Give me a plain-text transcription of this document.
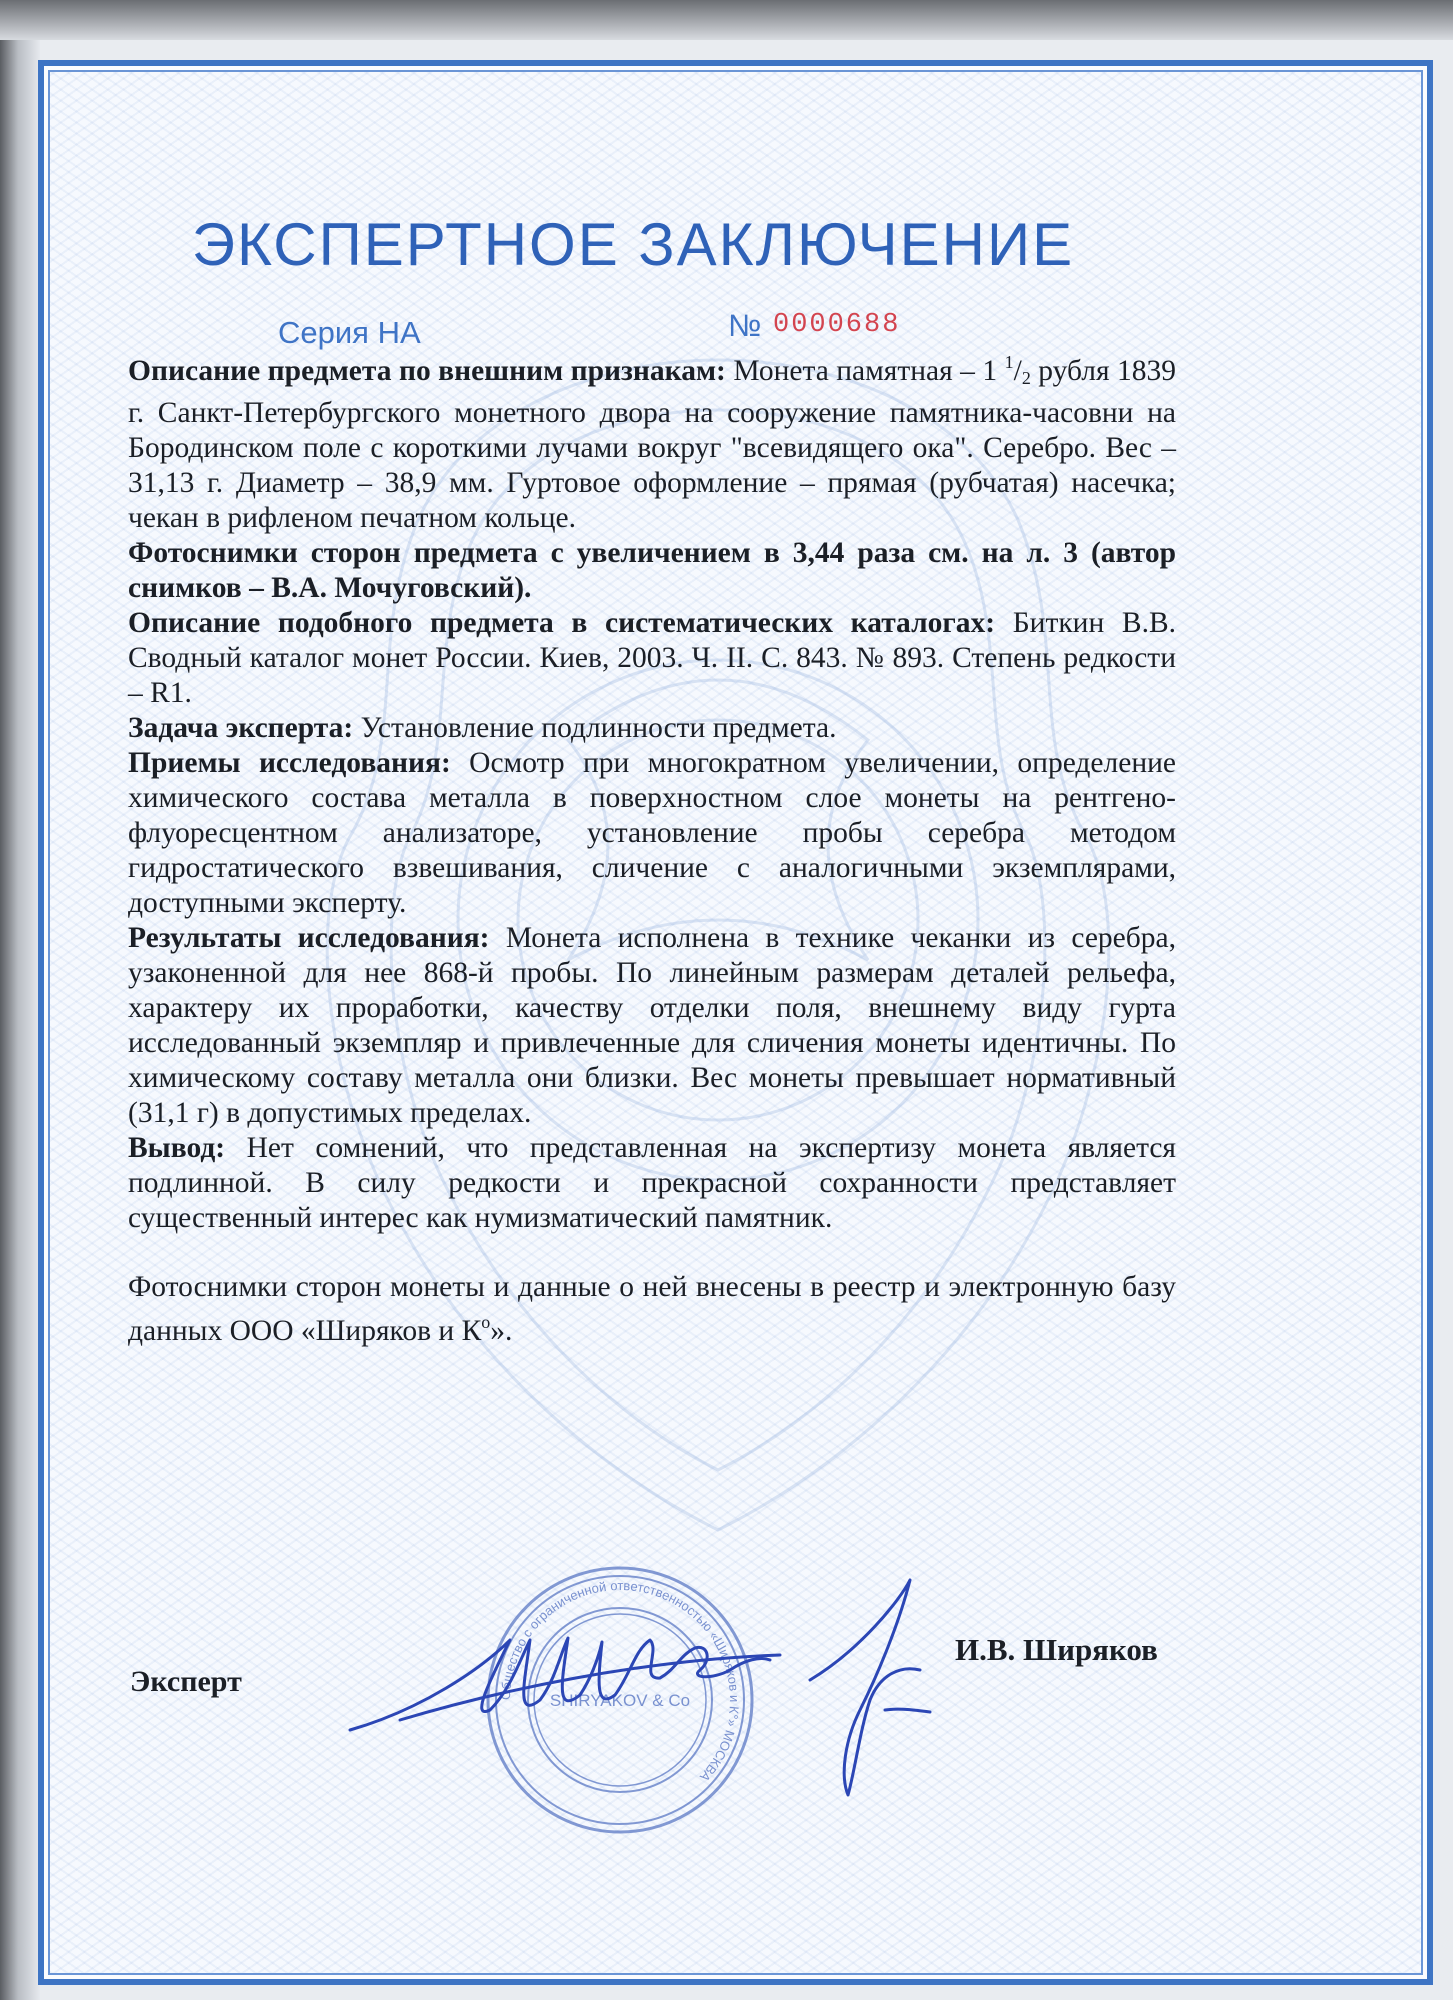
ЭКСПЕРТНОЕ ЗАКЛЮЧЕНИЕ
Серия НА	№ 0000688

Описание предмета по внешним признакам: Монета памятная – 1 $^1/_2$ рубля 1839 г. Санкт-Петербургского монетного двора на сооружение памятника-часовни на Бородинском поле с короткими лучами вокруг "всевидящего ока". Серебро. Вес – 31,13 г. Диаметр – 38,9 мм. Гуртовое оформление – прямая (рубчатая) насечка; чекан в рифленом печатном кольце.

Фотоснимки сторон предмета с увеличением в 3,44 раза см. на л. 3 (автор снимков – В.А. Мочуговский).

Описание подобного предмета в систематических каталогах: Биткин В.В. Сводный каталог монет России. Киев, 2003. Ч. II. С. 843. № 893. Степень редкости – R1.

Задача эксперта: Установление подлинности предмета.

Приемы исследования: Осмотр при многократном увеличении, определение химического состава металла в поверхностном слое монеты на рентгено-флуоресцентном анализаторе, установление пробы серебра методом гидростатического взвешивания, сличение с аналогичными экземплярами, доступными эксперту.

Результаты исследования: Монета исполнена в технике чеканки из серебра, узаконенной для нее 868-й пробы. По линейным размерам деталей рельефа, характеру их проработки, качеству отделки поля, внешнему виду гурта исследованный экземпляр и привлеченные для сличения монеты идентичны. По химическому составу металла они близки. Вес монеты превышает нормативный (31,1 г) в допустимых пределах.

Вывод: Нет сомнений, что представленная на экспертизу монета является подлинной. В силу редкости и прекрасной сохранности представляет существенный интерес как нумизматический памятник.

Фотоснимки сторон монеты и данные о ней внесены в реестр и электронную базу данных ООО «Ширяков и $К^о$».

Общество с ограниченной ответственностью «Ширяков и К°» МОСКВА
SHIRYAKOV & Co
Эксперт
И.В. Ширяков
